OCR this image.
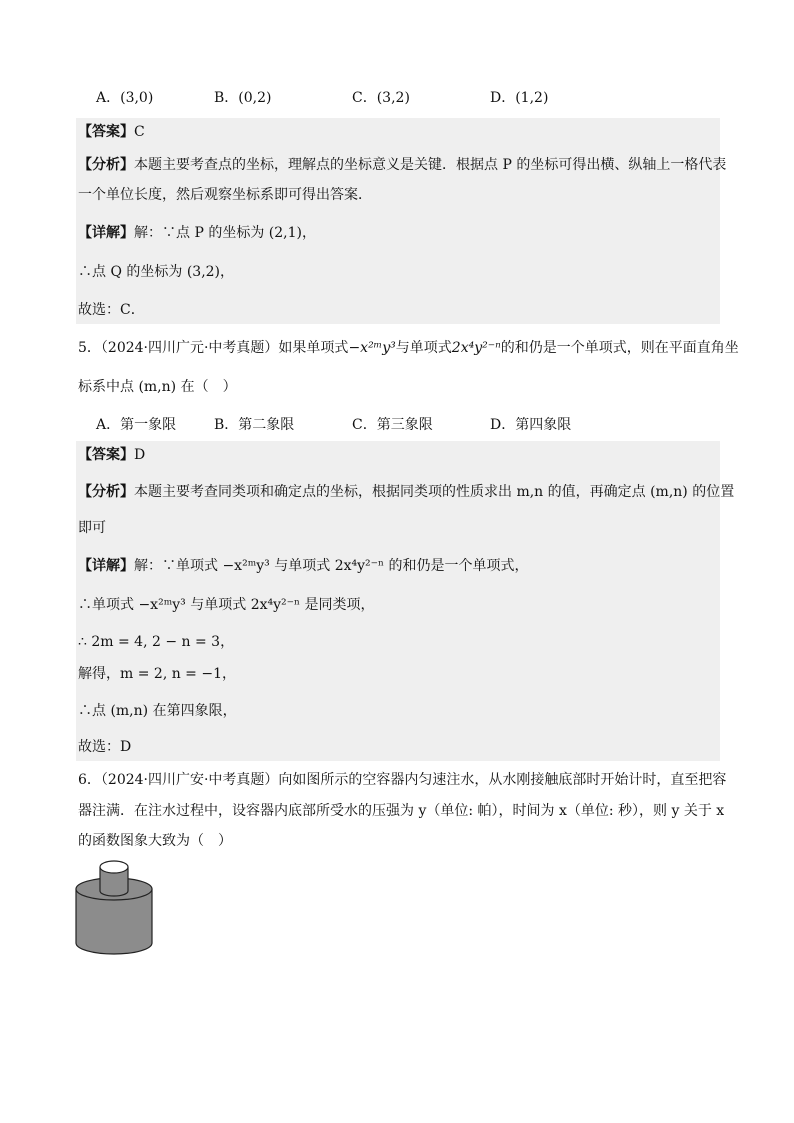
A．(3,0)	B．(0,2)	C．(3,2)	D．(1,2)
【答案】C
【分析】本题主要考查点的坐标，理解点的坐标意义是关键．根据点 P 的坐标可得出横、纵轴上一格代表
一个单位长度，然后观察坐标系即可得出答案．
【详解】解：∵点 P 的坐标为 (2,1)，
∴点 Q 的坐标为 (3,2)，
故选：C．
5．（2024·四川广元·中考真题）如果单项式−x²ᵐy³与单项式2x⁴y²⁻ⁿ的和仍是一个单项式，则在平面直角坐
标系中点 (m,n) 在（　）
A．第一象限	B．第二象限	C．第三象限	D．第四象限
【答案】D
【分析】本题主要考查同类项和确定点的坐标，根据同类项的性质求出 m,n 的值，再确定点 (m,n) 的位置
即可
【详解】解：∵单项式 −x²ᵐy³ 与单项式 2x⁴y²⁻ⁿ 的和仍是一个单项式，
∴单项式 −x²ᵐy³ 与单项式 2x⁴y²⁻ⁿ 是同类项，
∴ 2m = 4, 2 − n = 3，
解得，m = 2, n = −1，
∴点 (m,n) 在第四象限，
故选：D
6．（2024·四川广安·中考真题）向如图所示的空容器内匀速注水，从水刚接触底部时开始计时，直至把容
器注满．在注水过程中，设容器内底部所受水的压强为 y（单位: 帕），时间为 x（单位: 秒），则 y 关于 x
的函数图象大致为（　）
